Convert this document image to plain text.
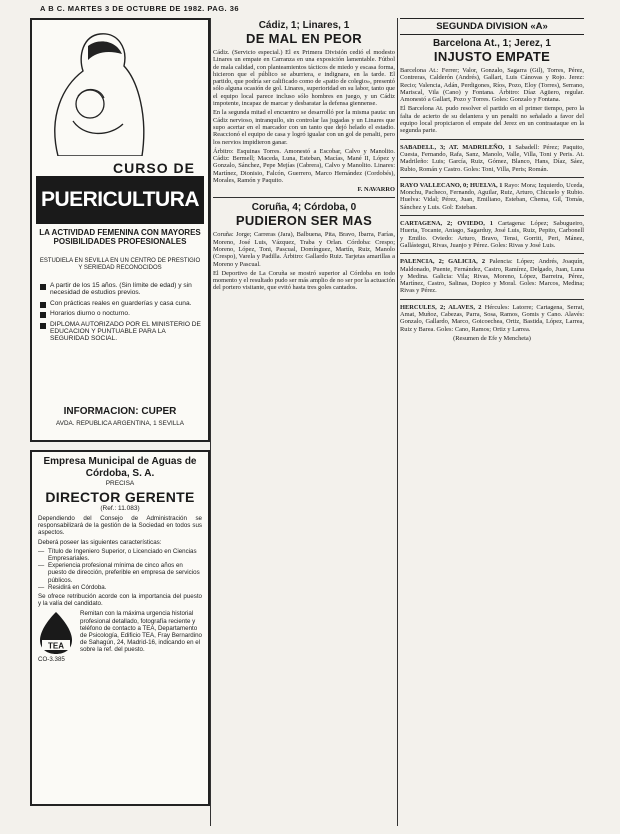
A B C. MARTES 3 DE OCTUBRE DE 1982. PAG. 36
CURSO DE
PUERICULTURA
LA ACTIVIDAD FEMENINA CON MAYORES POSIBILIDADES PROFESIONALES
ESTUDIELA EN SEVILLA EN UN CENTRO DE PRESTIGIO Y SERIEDAD RECONOCIDOS
A partir de los 15 años. (Sin límite de edad) y sin necesidad de estudios previos.
Con prácticas reales en guarderías y casa cuna.
Horarios diurno o nocturno.
DIPLOMA AUTORIZADO POR EL MINISTERIO DE EDUCACION Y PUNTUABLE PARA LA SEGURIDAD SOCIAL.
INFORMACION: CUPER
AVDA. REPUBLICA ARGENTINA, 1 SEVILLA
Empresa Municipal de Aguas de Córdoba, S. A.
PRECISA
DIRECTOR GERENTE
(Ref.: 11.083)

Dependiendo del Consejo de Administración se responsabilizará de la gestión de la Sociedad en todos sus aspectos.

Deberá poseer las siguientes características:

— Título de Ingeniero Superior, o Licenciado en Ciencias Empresariales.
— Experiencia profesional mínima de cinco años en puesto de dirección, preferible en empresa de servicios públicos.
— Residirá en Córdoba.

Se ofrece retribución acorde con la importancia del puesto y la valía del candidato.

TEA
Remitan con la máxima urgencia historial profesional detallado, fotografía reciente y teléfono de contacto a TEA, Departamento de Psicología, Edificio TEA, Fray Bernardino de Sahagún, 24, Madrid-16, indicando en el sobre la ref. del puesto.

CO-3.385

Cádiz, 1; Linares, 1
DE MAL EN PEOR

Cádiz. (Servicio especial.) El ex Primera División cedió el modesto Linares un empate en Carranza en una exposición lamentable. Fútbol de mala calidad, con planteamientos tácticos de miedo y escasa forma, hicieron que el público se aburriera, e indignara, en la tarde. El partido, que podría ser calificado como de «patio de colegio», presentó sólo alguna ocasión de gol. Linares, superioridad en su labor, tanto que el equipo local parece incluso sólo hombres en juego, y un Cádiz impotente, incapaz de marcar y desbaratar la defensa giennense.

En la segunda mitad el encuentro se desarrolló por la misma pauta: un Cádiz nervioso, intranquilo, sin controlar las jugadas y un Linares que supo acertar en el marcador con un tanto que dejó helado el estadio. Reaccionó el equipo de casa y logró igualar con un gol de penalti, pero los nervios impidieron ganar.

Árbitro: Esquinas Torres. Amonestó a Escobar, Calvo y Manolito. Cádiz: Bermell; Maceda, Luna, Esteban, Macías, Mané II, López y Gonzalo, Sánchez, Pepe Mejías (Cabrera), Calvo y Manolito. Linares: Martínez, Dionisio, Falcón, Guerrero, Marco Hernández (Cordobés), Morales, Ramón y Paquito.

F. NAVARRO
Coruña, 4; Córdoba, 0
PUDIERON SER MAS

Coruña: Jorge; Carreras (Jara), Balbuena, Pita, Bravo, Ibarra, Farías, Moreno, José Luis, Vázquez, Traba y Orlan. Córdoba: Crespo; Moreno, López, Toni, Pascual, Domínguez, Martín, Ruiz, Manolo (Crespo), Varela y Padilla. Árbitro: Gallardo Ruiz. Tarjetas amarillas a Moreno y Pascual.

El Deportivo de La Coruña se mostró superior al Córdoba en todo momento y el resultado pudo ser más amplio de no ser por la actuación del portero visitante, que evitó hasta tres goles cantados.

SEGUNDA DIVISION «A»
Barcelona At., 1; Jerez, 1
INJUSTO EMPATE

Barcelona At.: Ferrer; Valor, Gonzalo, Sagarra (Gil), Torres, Pérez, Contreras, Calderón (Andrés), Gallart, Luis Cánovas y Rojo. Jerez: Recio; Valencia, Adán, Perdigones, Ríos, Pozo, Eloy (Torres), Serrano, Mariscal, Vila (Cano) y Fontana. Árbitro: Díaz Agüero, regular. Amonestó a Gallart, Pozo y Torres. Goles: Gonzalo y Fontana.

El Barcelona At. pudo resolver el partido en el primer tiempo, pero la falta de acierto de su delantera y un penalti no señalado a favor del equipo local propiciaron el empate del Jerez en un contraataque en la segunda parte.

SABADELL, 3; AT. MADRILEÑO, 1 Sabadell: Pérez; Paquito, Cuesta, Fernando, Rafa, Sanz, Manolo, Valle, Villa, Toni y Peris. At. Madrileño: Luis; García, Ruiz, Gómez, Blanco, Hans, Díaz, Sáez, Rubio, Román y Castro. Goles: Toni, Villa, Peris; Román.

RAYO VALLECANO, 0; HUELVA, 1 Rayo: Mora; Izquierdo, Uceda, Monchu, Pacheco, Fernando, Aguilar, Ruiz, Arturo, Chicuelo y Rubio. Huelva: Vidal; Pérez, Juan, Emiliano, Esteban, Chema, Gil, Tomás, Sánchez y Luis. Gol: Esteban.

CARTAGENA, 2; OVIEDO, 1 Cartagena: López; Sabugueiro, Huerta, Tocante, Aniago, Sagarduy, José Luis, Ruiz, Pepito, Carbonell y Emilio. Oviedo: Arturo, Bravo, Tensi, Gorriti, Peri, Mánez, Gallástegui, Rivas, Juanjo y Pérez. Goles: Rivas y José Luis.

PALENCIA, 2; GALICIA, 2 Palencia: López; Andrés, Joaquín, Maldonado, Puente, Fernández, Castro, Ramírez, Delgado, Juan, Luna y Medina. Galicia: Vila; Rivas, Moreno, López, Barreira, Pérez, Martínez, Castro, Salinas, Dopico y Moral. Goles: Marcos, Medina; Rivas y Pérez.

HERCULES, 2; ALAVES, 2 Hércules: Latorre; Cartagena, Serrat, Amat, Muñoz, Cabezas, Parra, Sosa, Ramos, Gomis y Cano. Alavés: Gonzalo, Gallardo, Marco, Goicoechea, Ortiz, Bastida, López, Larrea, Ruiz y Barea. Goles: Cano, Ramos; Ortiz y Larrea.

(Resumen de Efe y Mencheta)
